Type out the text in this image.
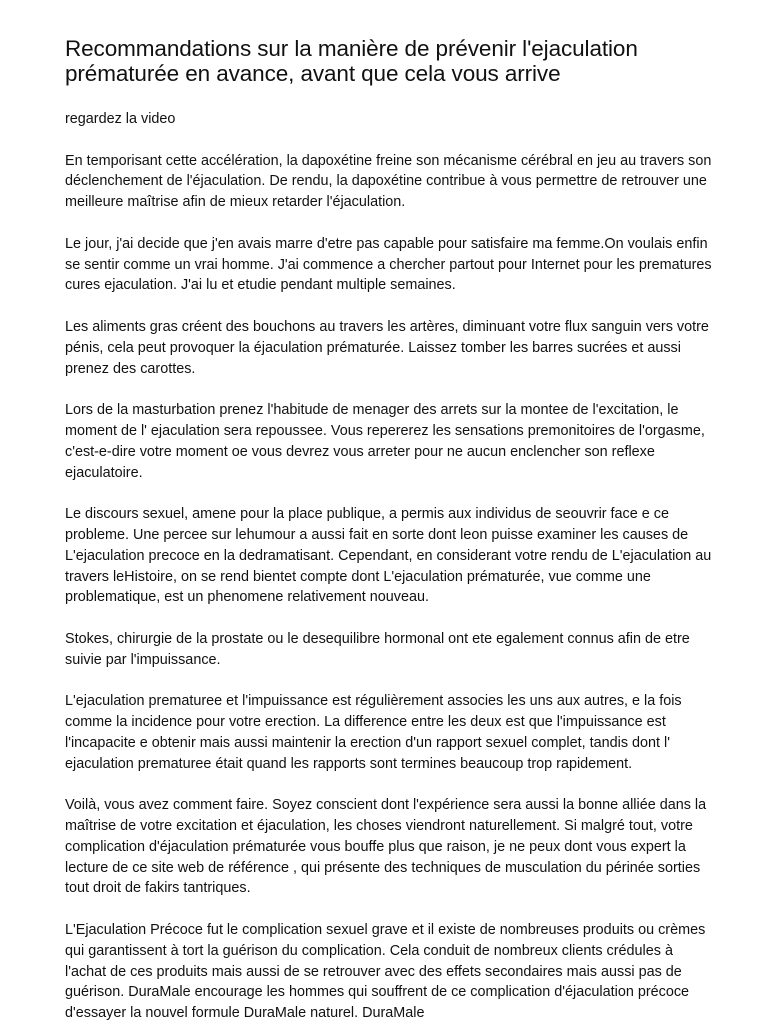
Recommandations sur la manière de prévenir l'ejaculation prématurée en avance, avant que cela vous arrive

regardez la video

En temporisant cette accélération, la dapoxétine freine son mécanisme cérébral en jeu au travers son déclenchement de l'éjaculation. De rendu, la dapoxétine contribue à vous permettre de retrouver une meilleure maîtrise afin de mieux retarder l'éjaculation.

Le jour, j'ai decide que j'en avais marre d'etre pas capable pour satisfaire ma femme.On voulais enfin se sentir comme un vrai homme. J'ai commence a chercher partout pour Internet pour les prematures cures ejaculation. J'ai lu et etudie pendant multiple semaines.

Les aliments gras créent des bouchons au travers les artères, diminuant votre flux sanguin vers votre pénis, cela peut provoquer la éjaculation prématurée. Laissez tomber les barres sucrées et aussi prenez des carottes.

Lors de la masturbation prenez l'habitude de menager des arrets sur la montee de l'excitation, le moment de l' ejaculation sera repoussee. Vous repererez les sensations premonitoires de l'orgasme, c'est-e-dire votre moment oe vous devrez vous arreter pour ne aucun enclencher son reflexe ejaculatoire.

Le discours sexuel, amene pour la place publique, a permis aux individus de seouvrir face e ce probleme. Une percee sur lehumour a aussi fait en sorte dont leon puisse examiner les causes de L'ejaculation precoce en la dedramatisant. Cependant, en considerant votre rendu de L'ejaculation au travers leHistoire, on se rend bientet compte dont L'ejaculation prématurée, vue comme une problematique, est un phenomene relativement nouveau.

Stokes, chirurgie de la prostate ou le desequilibre hormonal ont ete egalement connus afin de etre suivie par l'impuissance.

L'ejaculation prematuree et l'impuissance est régulièrement associes les uns aux autres, e la fois comme la incidence pour votre erection. La difference entre les deux est que l'impuissance est l'incapacite e obtenir mais aussi maintenir la erection d'un rapport sexuel complet, tandis dont l' ejaculation prematuree était quand les rapports sont termines beaucoup trop rapidement.

Voilà, vous avez comment faire. Soyez conscient dont l'expérience sera aussi la bonne alliée dans la maîtrise de votre excitation et éjaculation, les choses viendront naturellement. Si malgré tout, votre complication d'éjaculation prématurée vous bouffe plus que raison, je ne peux dont vous expert la lecture de ce site web de référence , qui présente des techniques de musculation du périnée sorties tout droit de fakirs tantriques.

L'Ejaculation Précoce fut le complication sexuel grave et il existe de nombreuses produits ou crèmes qui garantissent à tort la guérison du complication. Cela conduit de nombreux clients crédules à l'achat de ces produits mais aussi de se retrouver avec des effets secondaires mais aussi pas de guérison. DuraMale encourage les hommes qui souffrent de ce complication d'éjaculation précoce d'essayer la nouvel formule DuraMale naturel. DuraMale
